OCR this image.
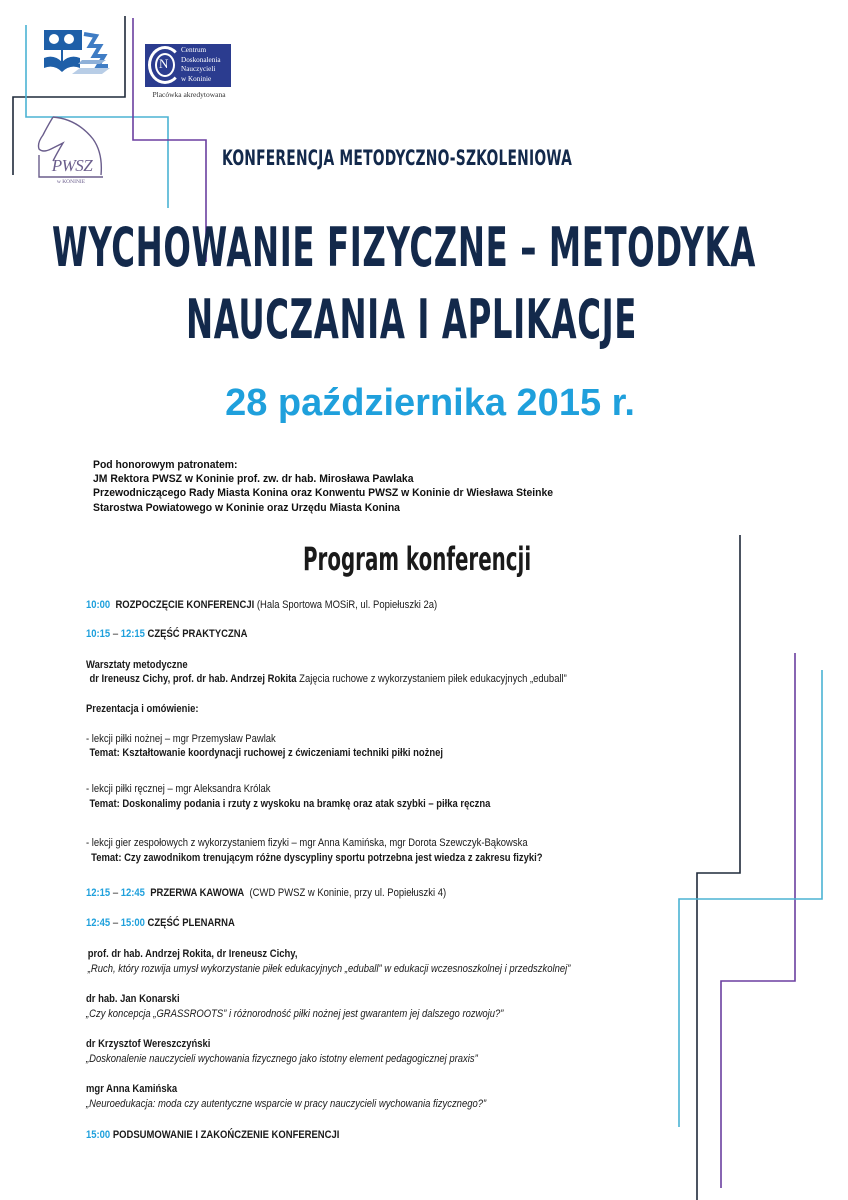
N
Centrum
Doskonalenia
Nauczycieli
w Koninie
Placówka akredytowana
PWSZ
w KONINIE
KONFERENCJA METODYCZNO-SZKOLENIOWA
WYCHOWANIE FIZYCZNE – METODYKA
NAUCZANIA I APLIKACJE
28 października 2015 r.
Pod honorowym patronatem:
JM Rektora PWSZ w Koninie prof. zw. dr hab. Mirosława Pawlaka
Przewodniczącego Rady Miasta Konina oraz Konwentu PWSZ w Koninie dr Wiesława Steinke
Starostwa Powiatowego w Koninie oraz Urzędu Miasta Konina
Program konferencji
10:00 ROZPOCZĘCIE KONFERENCJI (Hala Sportowa MOSiR, ul. Popiełuszki 2a)
10:15 – 12:15 CZĘŚĆ PRAKTYCZNA
Warsztaty metodyczne
dr Ireneusz Cichy, prof. dr hab. Andrzej Rokita Zajęcia ruchowe z wykorzystaniem piłek edukacyjnych „eduball”
Prezentacja i omówienie:
- lekcji piłki nożnej – mgr Przemysław Pawlak
Temat: Kształtowanie koordynacji ruchowej z ćwiczeniami techniki piłki nożnej
- lekcji piłki ręcznej – mgr Aleksandra Królak
Temat: Doskonalimy podania i rzuty z wyskoku na bramkę oraz atak szybki – piłka ręczna
- lekcji gier zespołowych z wykorzystaniem fizyki – mgr Anna Kamińska, mgr Dorota Szewczyk-Bąkowska
Temat: Czy zawodnikom trenującym różne dyscypliny sportu potrzebna jest wiedza z zakresu fizyki?
12:15 – 12:45 PRZERWA KAWOWA (CWD PWSZ w Koninie, przy ul. Popiełuszki 4)
12:45 – 15:00 CZĘŚĆ PLENARNA
prof. dr hab. Andrzej Rokita, dr Ireneusz Cichy,
„Ruch, który rozwija umysł wykorzystanie piłek edukacyjnych „eduball” w edukacji wczesnoszkolnej i przedszkolnej”
dr hab. Jan Konarski
„Czy koncepcja „GRASSROOTS” i różnorodność piłki nożnej jest gwarantem jej dalszego rozwoju?”
dr Krzysztof Wereszczyński
„Doskonalenie nauczycieli wychowania fizycznego jako istotny element pedagogicznej praxis”
mgr Anna Kamińska
„Neuroedukacja: moda czy autentyczne wsparcie w pracy nauczycieli wychowania fizycznego?”
15:00 PODSUMOWANIE I ZAKOŃCZENIE KONFERENCJI
